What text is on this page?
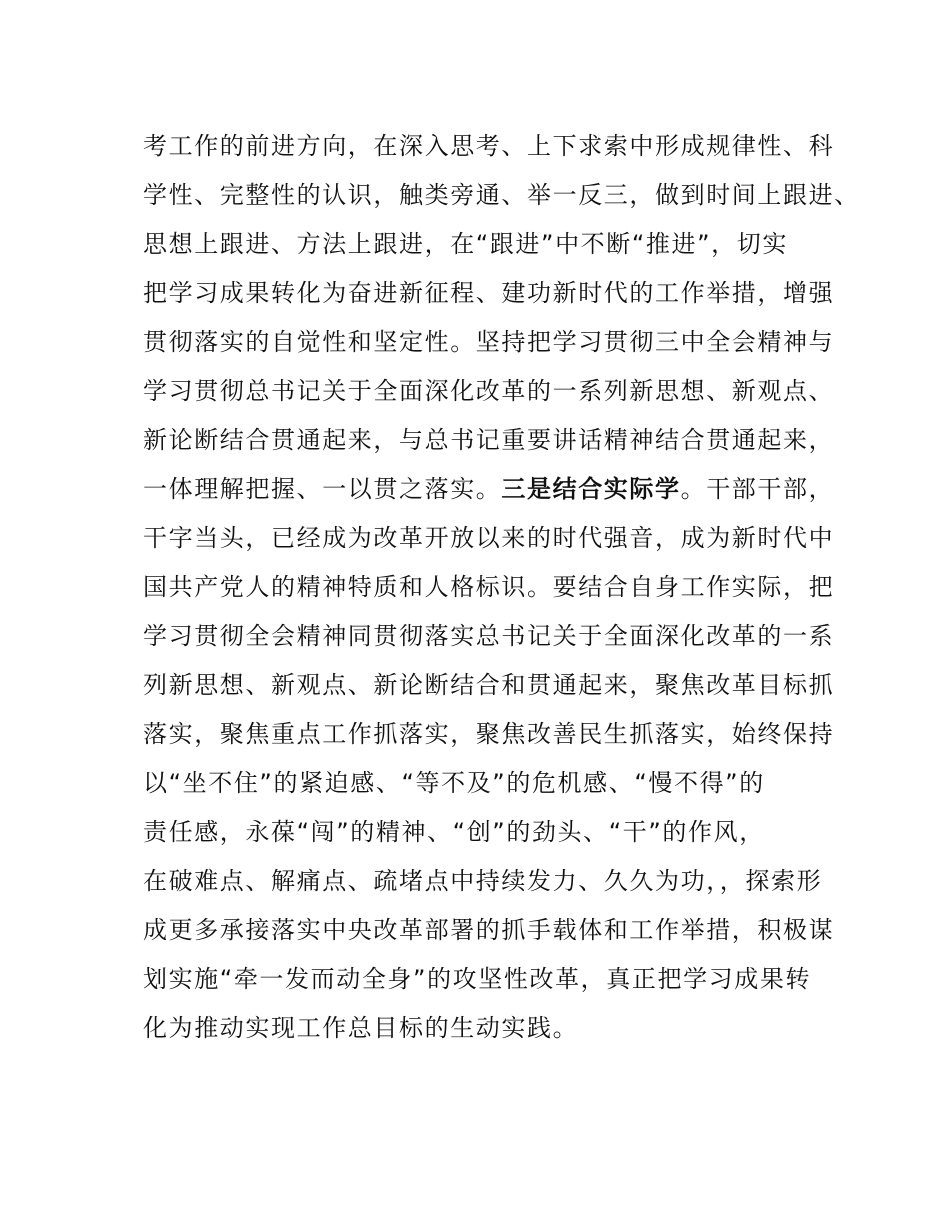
考工作的前进方向，在深入思考、上下求索中形成规律性、科
学性、完整性的认识，触类旁通、举一反三，做到时间上跟进、
思想上跟进、方法上跟进，在“跟进”中不断“推进”，切实
把学习成果转化为奋进新征程、建功新时代的工作举措，增强
贯彻落实的自觉性和坚定性。坚持把学习贯彻三中全会精神与
学习贯彻总书记关于全面深化改革的一系列新思想、新观点、
新论断结合贯通起来，与总书记重要讲话精神结合贯通起来，
一体理解把握、一以贯之落实。三是结合实际学。干部干部，
干字当头，已经成为改革开放以来的时代强音，成为新时代中
国共产党人的精神特质和人格标识。要结合自身工作实际，把
学习贯彻全会精神同贯彻落实总书记关于全面深化改革的一系
列新思想、新观点、新论断结合和贯通起来，聚焦改革目标抓
落实，聚焦重点工作抓落实，聚焦改善民生抓落实，始终保持
以“坐不住”的紧迫感、“等不及”的危机感、“慢不得”的
责任感，永葆“闯”的精神、“创”的劲头、“干”的作风，
在破难点、解痛点、疏堵点中持续发力、久久为功，，探索形
成更多承接落实中央改革部署的抓手载体和工作举措，积极谋
划实施“牵一发而动全身”的攻坚性改革，真正把学习成果转
化为推动实现工作总目标的生动实践。
